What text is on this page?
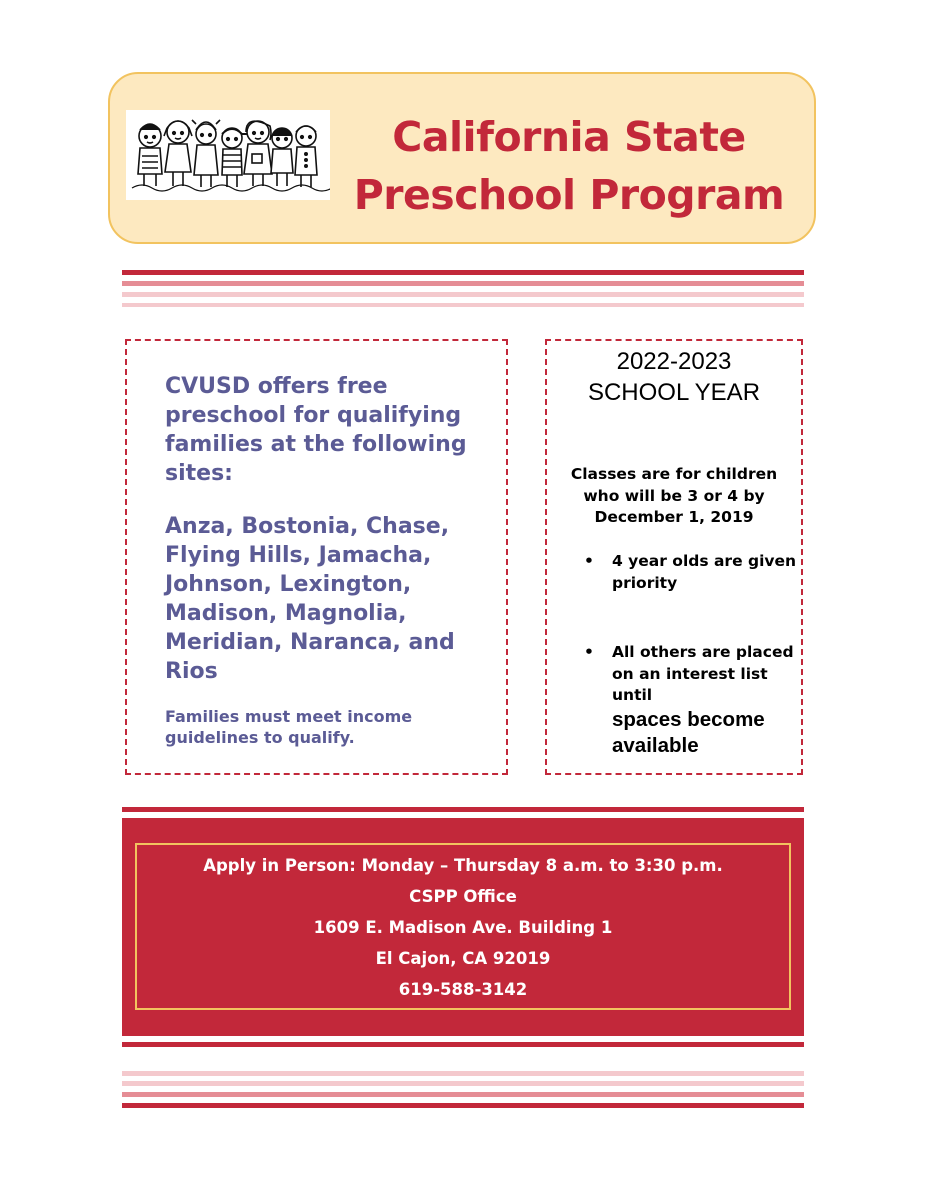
California State
Preschool Program

CVUSD offers free preschool for qualifying families at the following sites:

Anza, Bostonia, Chase, Flying Hills, Jamacha, Johnson, Lexington, Madison, Magnolia, Meridian, Naranca, and Rios

Families must meet income guidelines to qualify.

2022-2023
SCHOOL YEAR
Classes are for children who will be 3 or 4 by December 1, 2019
• 4 year olds are given priority
• All others are placed on an interest list until
spaces become available
Apply in Person: Monday – Thursday 8 a.m. to 3:30 p.m.
CSPP Office
1609 E. Madison Ave. Building 1
El Cajon, CA 92019
619-588-3142
